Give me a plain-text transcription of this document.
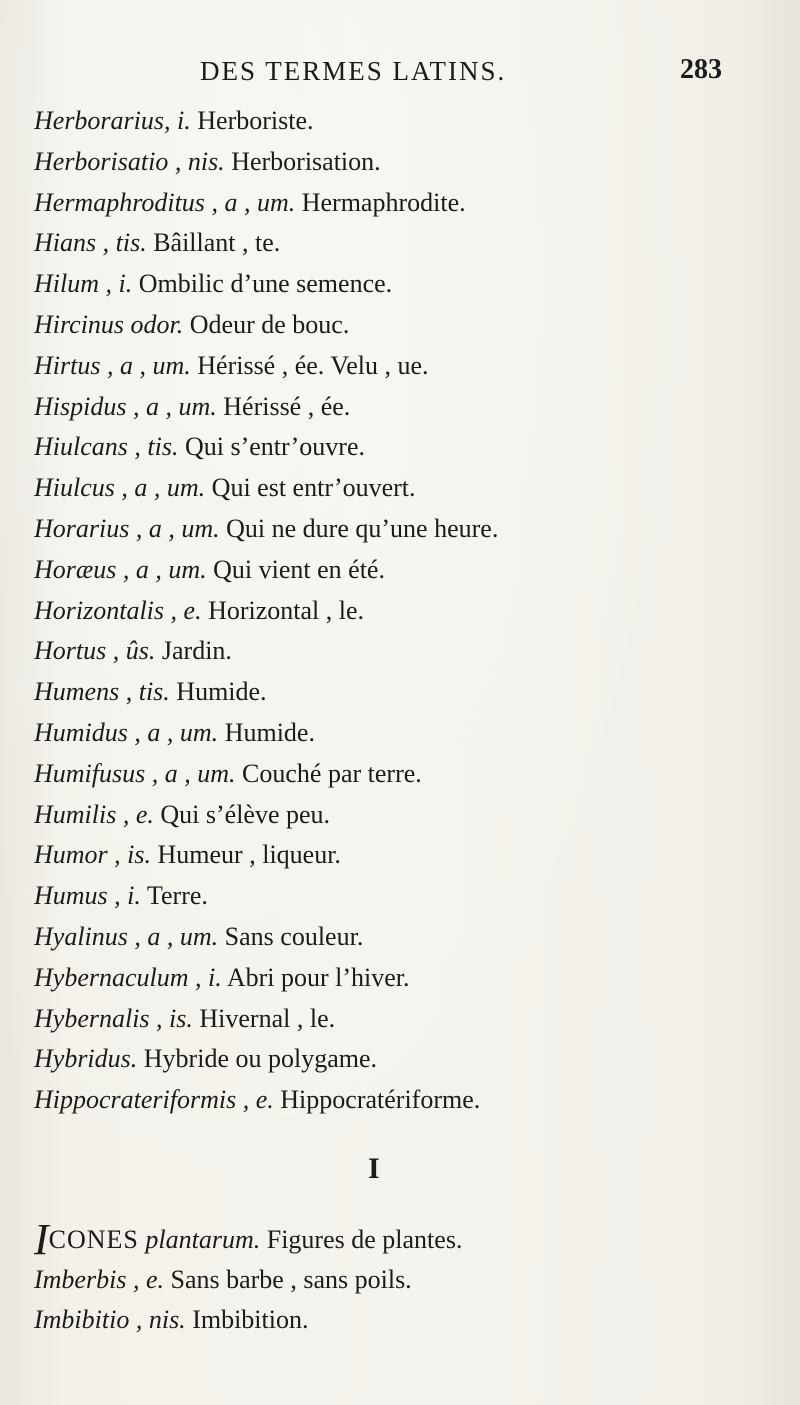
DES TERMES LATINS.	283
Herborarius, i. Herboriste.
Herborisatio , nis. Herborisation.
Hermaphroditus , a , um. Hermaphrodite.
Hians , tis. Bâillant , te.
Hilum , i. Ombilic d’une semence.
Hircinus odor. Odeur de bouc.
Hirtus , a , um. Hérissé , ée. Velu , ue.
Hispidus , a , um. Hérissé , ée.
Hiulcans , tis. Qui s’entr’ouvre.
Hiulcus , a , um. Qui est entr’ouvert.
Horarius , a , um. Qui ne dure qu’une heure.
Horæus , a , um. Qui vient en été.
Horizontalis , e. Horizontal , le.
Hortus , ûs. Jardin.
Humens , tis. Humide.
Humidus , a , um. Humide.
Humifusus , a , um. Couché par terre.
Humilis , e. Qui s’élève peu.
Humor , is. Humeur , liqueur.
Humus , i. Terre.
Hyalinus , a , um. Sans couleur.
Hybernaculum , i. Abri pour l’hiver.
Hybernalis , is. Hivernal , le.
Hybridus. Hybride ou polygame.
Hippocrateriformis , e. Hippocratériforme.
I
ICONES plantarum. Figures de plantes.
Imberbis , e. Sans barbe , sans poils.
Imbibitio , nis. Imbibition.
